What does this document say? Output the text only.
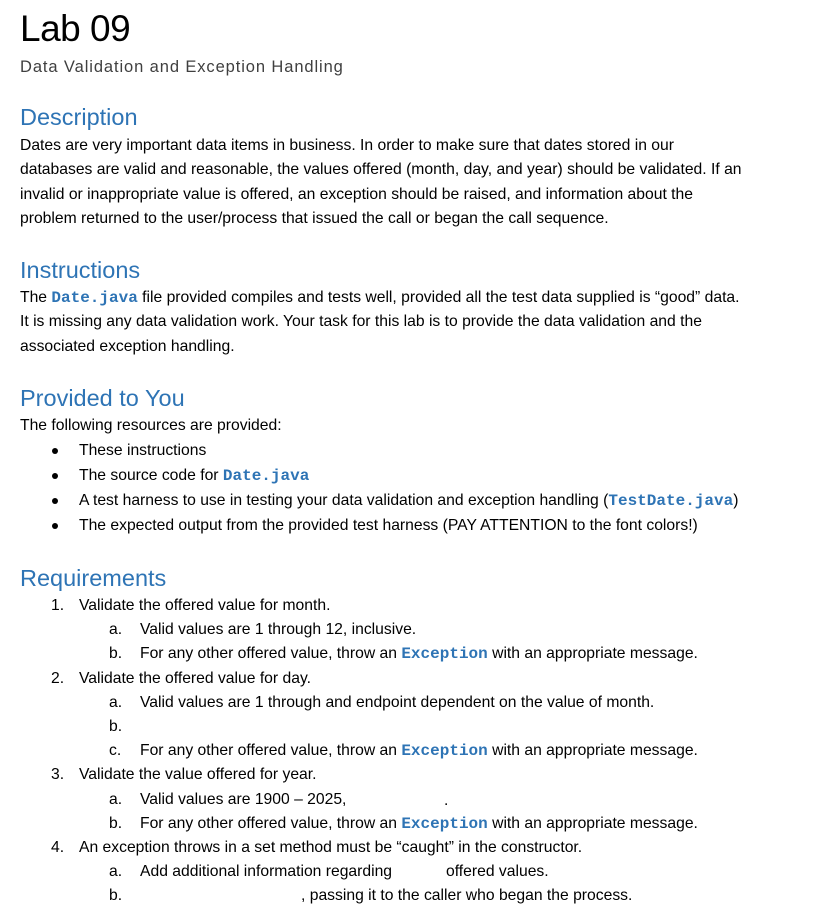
Lab 09
Data Validation and Exception Handling
Description
Dates are very important data items in business. In order to make sure that dates stored in our
databases are valid and reasonable, the values offered (month, day, and year) should be validated. If an
invalid or inappropriate value is offered, an exception should be raised, and information about the
problem returned to the user/process that issued the call or began the call sequence.
Instructions
The Date.java file provided compiles and tests well, provided all the test data supplied is “good” data.
It is missing any data validation work. Your task for this lab is to provide the data validation and the
associated exception handling.
Provided to You
The following resources are provided:
These instructions
The source code for Date.java
A test harness to use in testing your data validation and exception handling (TestDate.java)
The expected output from the provided test harness (PAY ATTENTION to the font colors!)
Requirements
1. Validate the offered value for month.
a. Valid values are 1 through 12, inclusive.
b. For any other offered value, throw an Exception with an appropriate message.
2. Validate the offered value for day.
a. Valid values are 1 through and endpoint dependent on the value of month.
b.
c. For any other offered value, throw an Exception with an appropriate message.
3. Validate the value offered for year.
a. Valid values are 1900 – 2025,
b. For any other offered value, throw an Exception with an appropriate message.
4. An exception throws in a set method must be “caught” in the constructor.
a. Add additional information regarding
b.
.
offered values.
, passing it to the caller who began the process.
